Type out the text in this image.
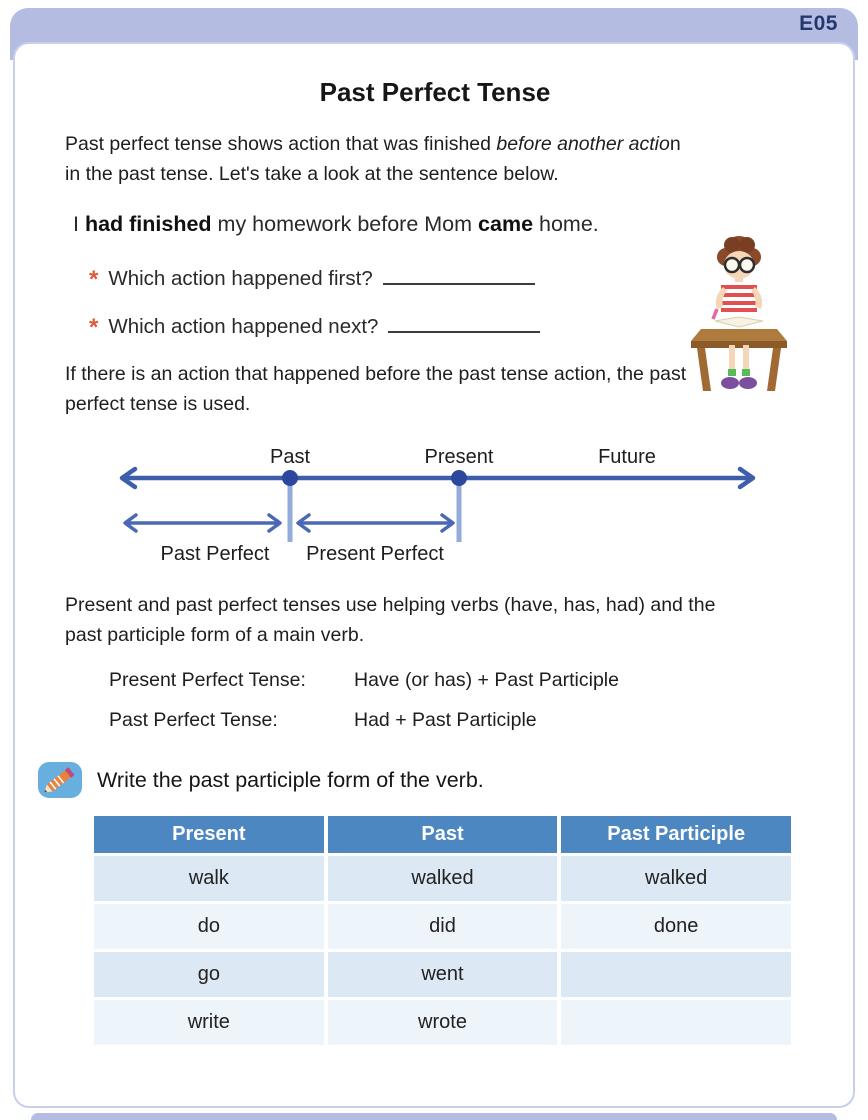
E05
Past Perfect Tense

Past perfect tense shows action that was finished before another action
in the past tense. Let's take a look at the sentence below.

I had finished my homework before Mom came home.

* Which action happened first?
* Which action happened next?

If there is an action that happened before the past tense action, the past
perfect tense is used.

Past	Present	Future
Past Perfect Present Perfect

Present and past perfect tenses use helping verbs (have, has, had) and the
past participle form of a main verb.

Present Perfect Tense:	Have (or has) + Past Participle
Past Perfect Tense:	Had + Past Participle
Write the past participle form of the verb.
Present	Past	Past Participle
walk	walked	walked
do	did	done
go	went
write	wrote
